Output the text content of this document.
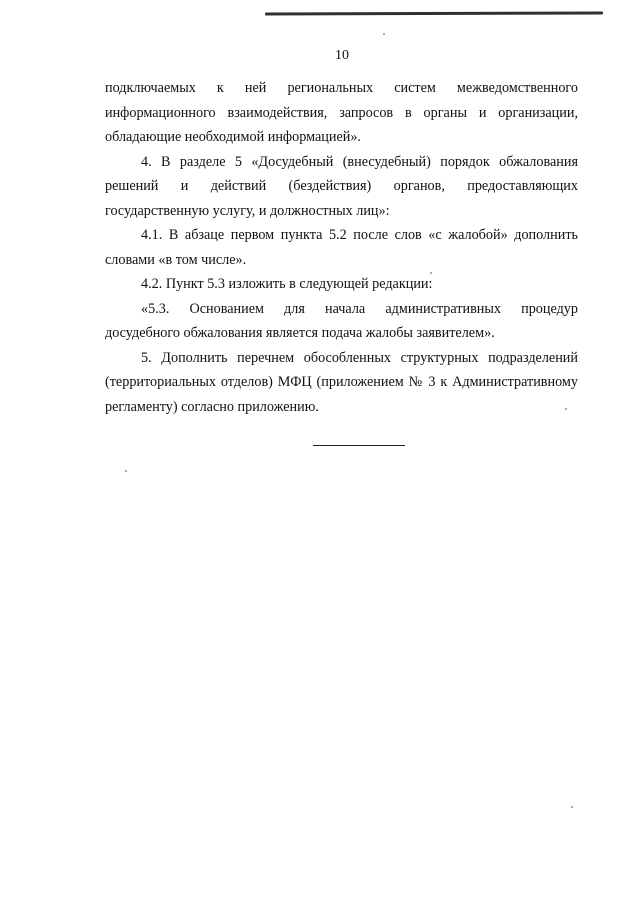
10

подключаемых к ней региональных систем межведомственного
информационного взаимодействия, запросов в органы и организации,
обладающие необходимой информацией».

4. В разделе 5 «Досудебный (внесудебный) порядок обжалования
решений и действий (бездействия) органов, предоставляющих
государственную услугу, и должностных лиц»:

4.1. В абзаце первом пункта 5.2 после слов «с жалобой» дополнить
словами «в том числе».

4.2. Пункт 5.3 изложить в следующей редакции:

«5.3. Основанием для начала административных процедур
досудебного обжалования является подача жалобы заявителем».

5. Дополнить перечнем обособленных структурных подразделений
(территориальных отделов) МФЦ (приложением № 3 к Административному
регламенту) согласно приложению.
